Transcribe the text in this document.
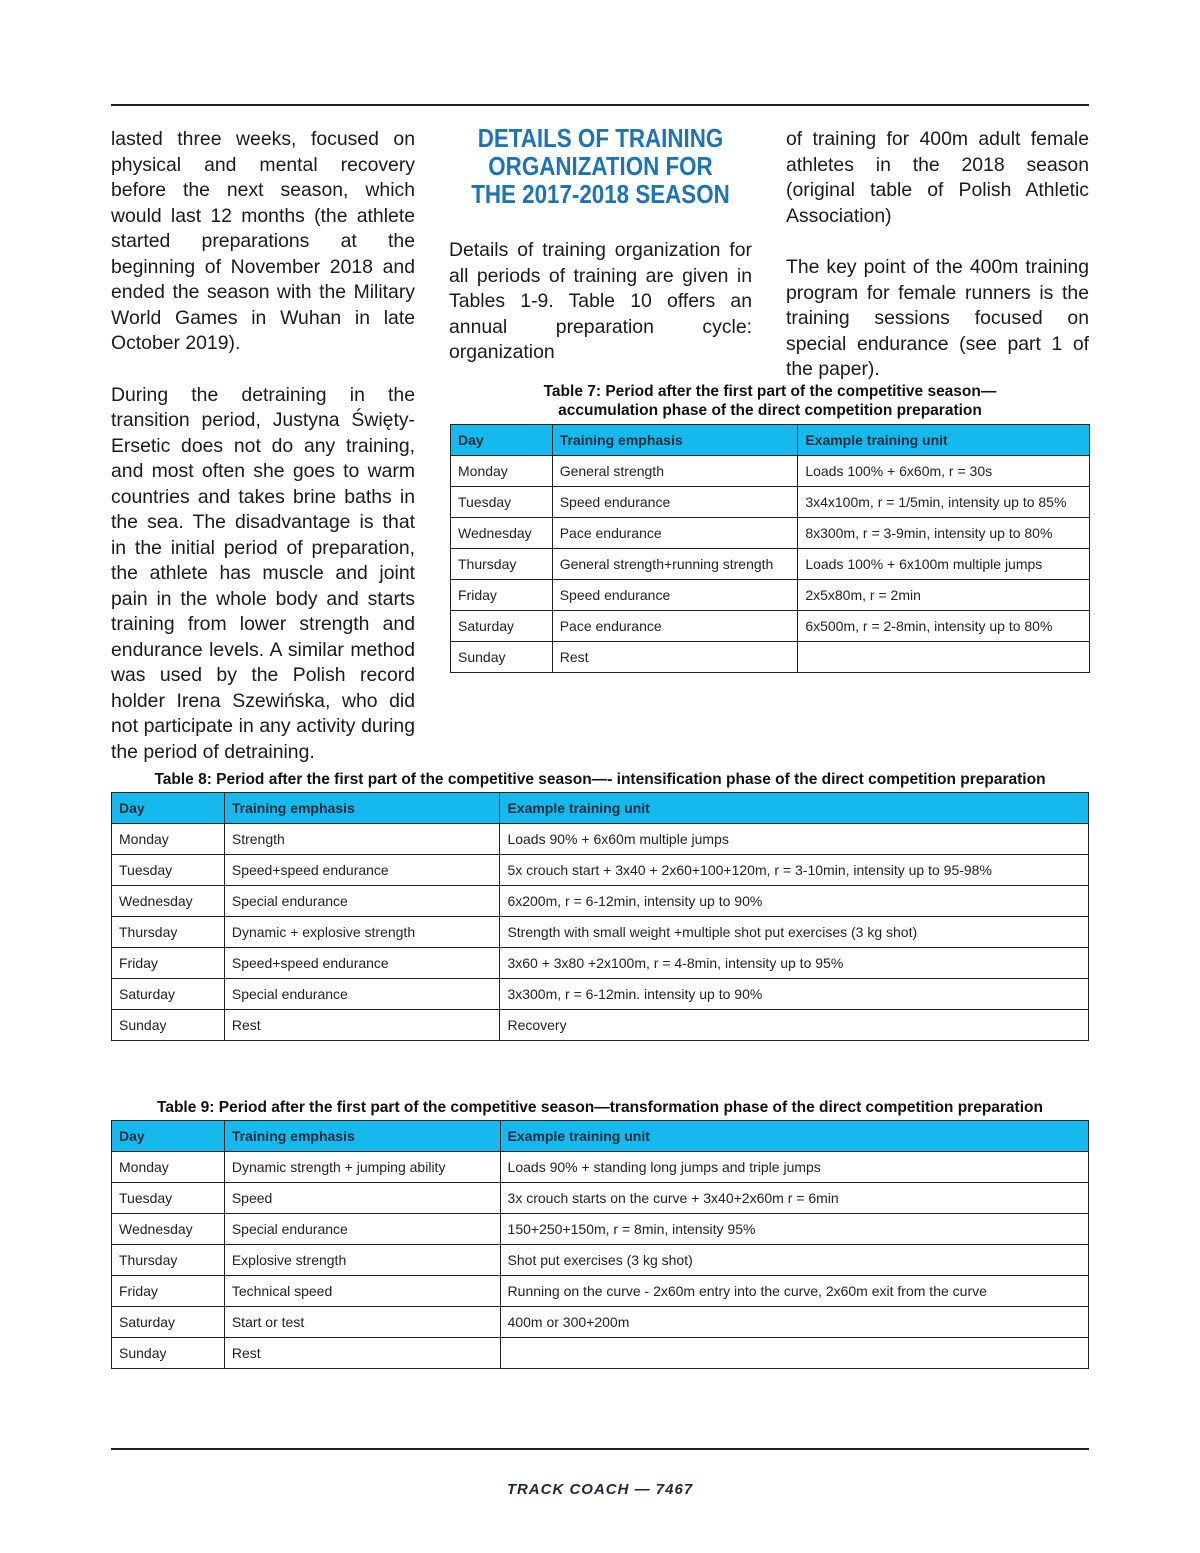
lasted three weeks, focused on physical and mental recovery before the next season, which would last 12 months (the athlete started preparations at the beginning of November 2018 and ended the season with the Military World Games in Wuhan in late October 2019).

During the detraining in the transition period, Justyna Święty-Ersetic does not do any training, and most often she goes to warm countries and takes brine baths in the sea. The disadvantage is that in the initial period of preparation, the athlete has muscle and joint pain in the whole body and starts training from lower strength and endurance levels. A similar method was used by the Polish record holder Irena Szewińska, who did not participate in any activity during the period of detraining.

DETAILS OF TRAINING ORGANIZATION FOR THE 2017-2018 SEASON

Details of training organization for all periods of training are given in Tables 1-9. Table 10 offers an annual preparation cycle: organization

of training for 400m adult female athletes in the 2018 season (original table of Polish Athletic Association)

The key point of the 400m training program for female runners is the training sessions focused on special endurance (see part 1 of the paper).

Table 7: Period after the first part of the competitive season—
accumulation phase of the direct competition preparation
Day	Training emphasis	Example training unit
Monday	General strength	Loads 100% + 6x60m, r = 30s
Tuesday	Speed endurance	3x4x100m, r = 1/5min, intensity up to 85%
Wednesday	Pace endurance	8x300m, r = 3-9min, intensity up to 80%
Thursday	General strength+running strength	Loads 100% + 6x100m multiple jumps
Friday	Speed endurance	2x5x80m, r = 2min
Saturday	Pace endurance	6x500m, r = 2-8min, intensity up to 80%
Sunday	Rest	
Table 8: Period after the first part of the competitive season—- intensification phase of the direct competition preparation
Day	Training emphasis	Example training unit
Monday	Strength	Loads 90% + 6x60m multiple jumps
Tuesday	Speed+speed endurance	5x crouch start + 3x40 + 2x60+100+120m, r = 3-10min, intensity up to 95-98%
Wednesday	Special endurance	6x200m, r = 6-12min, intensity up to 90%
Thursday	Dynamic + explosive strength	Strength with small weight +multiple shot put exercises (3 kg shot)
Friday	Speed+speed endurance	3x60 + 3x80 +2x100m, r = 4-8min, intensity up to 95%
Saturday	Special endurance	3x300m, r = 6-12min. intensity up to 90%
Sunday	Rest	Recovery
Table 9: Period after the first part of the competitive season—transformation phase of the direct competition preparation
Day	Training emphasis	Example training unit
Monday	Dynamic strength + jumping ability	Loads 90% + standing long jumps and triple jumps
Tuesday	Speed	3x crouch starts on the curve + 3x40+2x60m r = 6min
Wednesday	Special endurance	150+250+150m, r = 8min, intensity 95%
Thursday	Explosive strength	Shot put exercises (3 kg shot)
Friday	Technical speed	Running on the curve - 2x60m entry into the curve, 2x60m exit from the curve
Saturday	Start or test	400m or 300+200m
Sunday	Rest	
TRACK COACH — 7467
